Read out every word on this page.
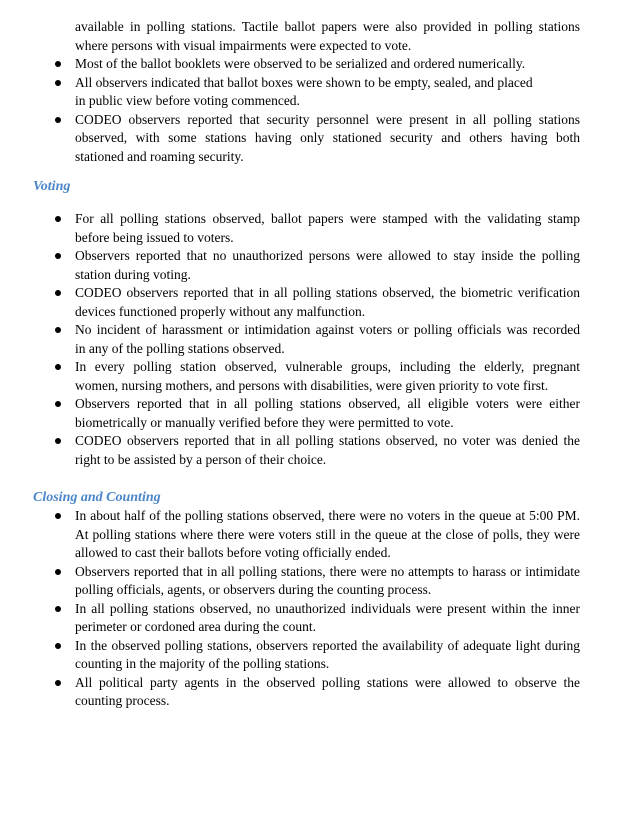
available in polling stations. Tactile ballot papers were also provided in polling stations
where persons with visual impairments were expected to vote.
Most of the ballot booklets were observed to be serialized and ordered numerically.
All observers indicated that ballot boxes were shown to be empty, sealed, and placed
in public view before voting commenced.
CODEO observers reported that security personnel were present in all polling stations
observed, with some stations having only stationed security and others having both
stationed and roaming security.
Voting
For all polling stations observed, ballot papers were stamped with the validating stamp
before being issued to voters.
Observers reported that no unauthorized persons were allowed to stay inside the polling
station during voting.
CODEO observers reported that in all polling stations observed, the biometric verification
devices functioned properly without any malfunction.
No incident of harassment or intimidation against voters or polling officials was recorded
in any of the polling stations observed.
In every polling station observed, vulnerable groups, including the elderly, pregnant
women, nursing mothers, and persons with disabilities, were given priority to vote first.
Observers reported that in all polling stations observed, all eligible voters were either
biometrically or manually verified before they were permitted to vote.
CODEO observers reported that in all polling stations observed, no voter was denied the
right to be assisted by a person of their choice.
Closing and Counting
In about half of the polling stations observed, there were no voters in the queue at 5:00 PM.
At polling stations where there were voters still in the queue at the close of polls, they were
allowed to cast their ballots before voting officially ended.
Observers reported that in all polling stations, there were no attempts to harass or intimidate
polling officials, agents, or observers during the counting process.
In all polling stations observed, no unauthorized individuals were present within the inner
perimeter or cordoned area during the count.
In the observed polling stations, observers reported the availability of adequate light during
counting in the majority of the polling stations.
All political party agents in the observed polling stations were allowed to observe the
counting process.
